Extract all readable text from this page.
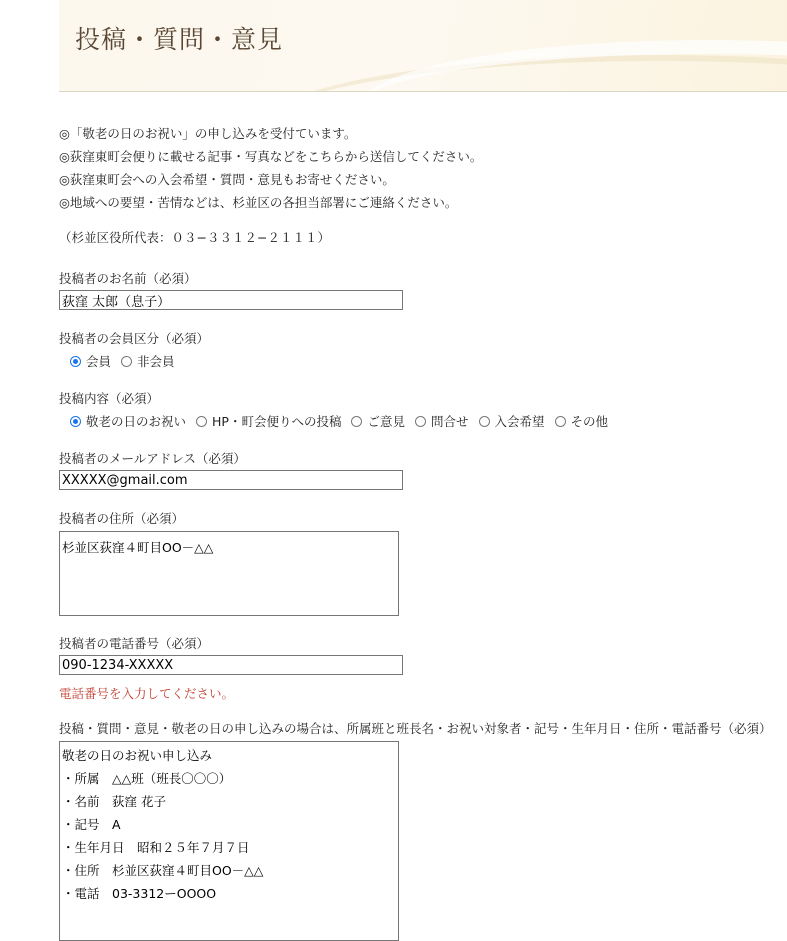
投稿・質問・意見
◎「敬老の日のお祝い」の申し込みを受付ています。
◎荻窪東町会便りに載せる記事・写真などをこちらから送信してください。
◎荻窪東町会への入会希望・質問・意見もお寄せください。
◎地域への要望・苦情などは、杉並区の各担当部署にご連絡ください。
（杉並区役所代表：０３−３３１２−２１１１）
投稿者のお名前（必須）
荻窪 太郎（息子）
投稿者の会員区分（必須）
会員 非会員
投稿内容（必須）
敬老の日のお祝い HP・町会便りへの投稿 ご意見 問合せ 入会希望 その他
投稿者のメールアドレス（必須）
XXXXX@gmail.com
投稿者の住所（必須）
杉並区荻窪４町目OO－△△
投稿者の電話番号（必須）
090-1234-XXXXX
電話番号を入力してください。
投稿・質問・意見・敬老の日の申し込みの場合は、所属班と班長名・お祝い対象者・記号・生年月日・住所・電話番号（必須）
敬老の日のお祝い申し込み
・所属　△△班（班長〇〇〇）
・名前　荻窪 花子
・記号　A
・生年月日　昭和２５年７月７日
・住所　杉並区荻窪４町目OO－△△
・電話　03-3312ーOOOO
